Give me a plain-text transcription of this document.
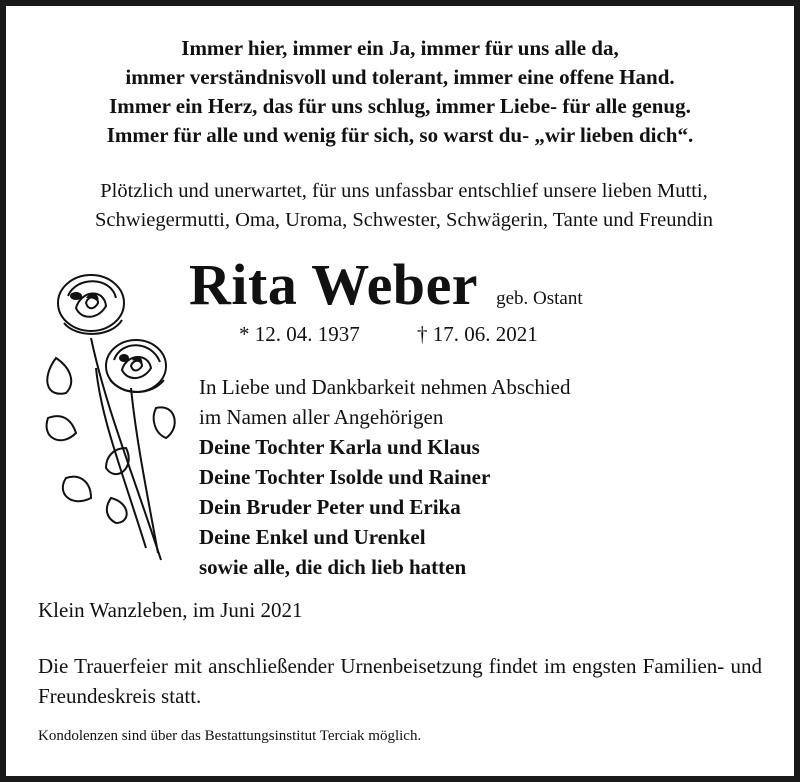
Immer hier, immer ein Ja, immer für uns alle da,
immer verständnisvoll und tolerant, immer eine offene Hand.
Immer ein Herz, das für uns schlug, immer Liebe- für alle genug.
Immer für alle und wenig für sich, so warst du- „wir lieben dich“.
Plötzlich und unerwartet, für uns unfassbar entschlief unsere lieben Mutti,
Schwiegermutti, Oma, Uroma, Schwester, Schwägerin, Tante und Freundin
Rita Weber geb. Ostant
* 12. 04. 1937	† 17. 06. 2021
In Liebe und Dankbarkeit nehmen Abschied
im Namen aller Angehörigen
Deine Tochter Karla und Klaus
Deine Tochter Isolde und Rainer
Dein Bruder Peter und Erika
Deine Enkel und Urenkel
sowie alle, die dich lieb hatten
Klein Wanzleben, im Juni 2021
Die Trauerfeier mit anschließender Urnenbeisetzung findet im engsten Familien- und Freundeskreis statt.
Kondolenzen sind über das Bestattungsinstitut Terciak möglich.
